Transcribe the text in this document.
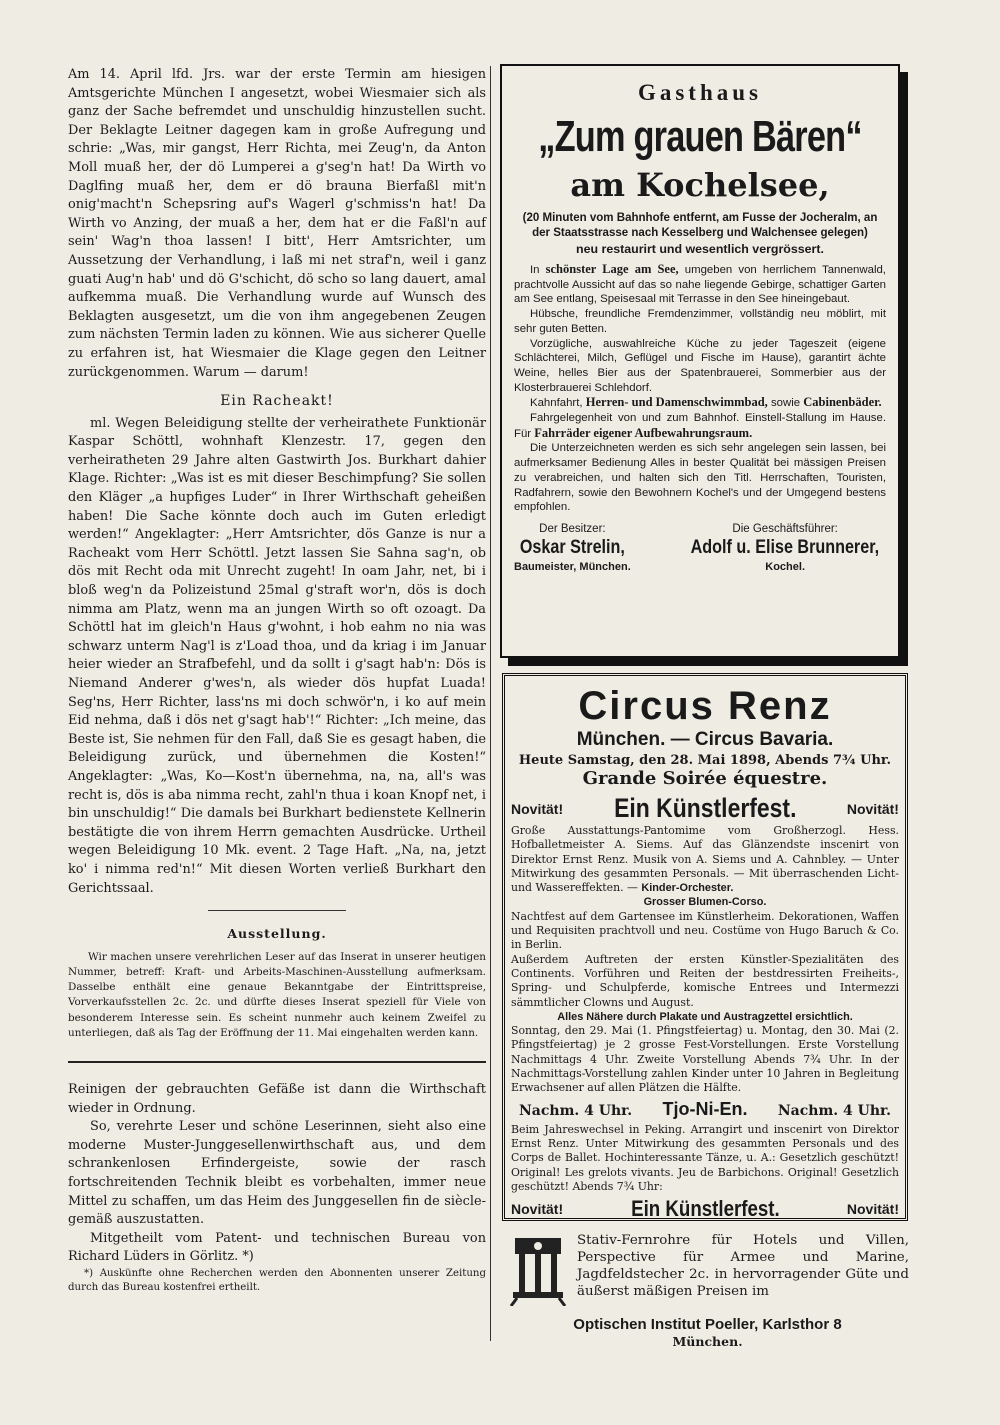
Am 14. April lfd. Jrs. war der erste Termin am hiesigen Amtsgerichte München I angesetzt, wobei Wiesmaier sich als ganz der Sache befremdet und unschuldig hinzustellen sucht. Der Beklagte Leitner dagegen kam in große Aufregung und schrie: „Was, mir gangst, Herr Richta, mei Zeug'n, da Anton Moll muaß her, der dö Lumperei a g'seg'n hat! Da Wirth vo Daglfing muaß her, dem er dö brauna Bierfaßl mit'n onig'macht'n Schepsring auf's Wagerl g'schmiss'n hat! Da Wirth vo Anzing, der muaß a her, dem hat er die Faßl'n auf sein' Wag'n thoa lassen! I bitt', Herr Amtsrichter, um Aussetzung der Verhandlung, i laß mi net straf'n, weil i ganz guati Aug'n hab' und dö G'schicht, dö scho so lang dauert, amal aufkemma muaß. Die Verhandlung wurde auf Wunsch des Beklagten ausgesetzt, um die von ihm angegebenen Zeugen zum nächsten Termin laden zu können. Wie aus sicherer Quelle zu erfahren ist, hat Wiesmaier die Klage gegen den Leitner zurückgenommen. Warum — darum!

Ein Racheakt!

ml. Wegen Beleidigung stellte der verheirathete Funktionär Kaspar Schöttl, wohnhaft Klenzestr. 17, gegen den verheiratheten 29 Jahre alten Gastwirth Jos. Burkhart dahier Klage. Richter: „Was ist es mit dieser Beschimpfung? Sie sollen den Kläger „a hupfiges Luder“ in Ihrer Wirthschaft geheißen haben! Die Sache könnte doch auch im Guten erledigt werden!“ Angeklagter: „Herr Amtsrichter, dös Ganze is nur a Racheakt vom Herr Schöttl. Jetzt lassen Sie Sahna sag'n, ob dös mit Recht oda mit Unrecht zugeht! In oam Jahr, net, bi i bloß weg'n da Polizeistund 25mal g'straft wor'n, dös is doch nimma am Platz, wenn ma an jungen Wirth so oft ozoagt. Da Schöttl hat im gleich'n Haus g'wohnt, i hob eahm no nia was schwarz unterm Nag'l is z'Load thoa, und da kriag i im Januar heier wieder an Strafbefehl, und da sollt i g'sagt hab'n: Dös is Niemand Anderer g'wes'n, als wieder dös hupfat Luada! Seg'ns, Herr Richter, lass'ns mi doch schwör'n, i ko auf mein Eid nehma, daß i dös net g'sagt hab'!“ Richter: „Ich meine, das Beste ist, Sie nehmen für den Fall, daß Sie es gesagt haben, die Beleidigung zurück, und übernehmen die Kosten!“ Angeklagter: „Was, Ko—Kost'n übernehma, na, na, all's was recht is, dös is aba nimma recht, zahl'n thua i koan Knopf net, i bin unschuldig!“ Die damals bei Burkhart bedienstete Kellnerin bestätigte die von ihrem Herrn gemachten Ausdrücke. Urtheil wegen Beleidigung 10 Mk. event. 2 Tage Haft. „Na, na, jetzt ko' i nimma red'n!“ Mit diesen Worten verließ Burkhart den Gerichtssaal.

Ausstellung.

Wir machen unsere verehrlichen Leser auf das Inserat in unserer heutigen Nummer, betreff: Kraft- und Arbeits-Maschinen-Ausstellung aufmerksam. Dasselbe enthält eine genaue Bekanntgabe der Eintrittspreise, Vorverkaufsstellen 2c. 2c. und dürfte dieses Inserat speziell für Viele von besonderem Interesse sein. Es scheint nunmehr auch keinem Zweifel zu unterliegen, daß als Tag der Eröffnung der 11. Mai eingehalten werden kann.

Reinigen der gebrauchten Gefäße ist dann die Wirthschaft wieder in Ordnung.

So, verehrte Leser und schöne Leserinnen, sieht also eine moderne Muster-Junggesellenwirthschaft aus, und dem schrankenlosen Erfindergeiste, sowie der rasch fortschreitenden Technik bleibt es vorbehalten, immer neue Mittel zu schaffen, um das Heim des Junggesellen fin de siècle-gemäß auszustatten.

Mitgetheilt vom Patent- und technischen Bureau von Richard Lüders in Görlitz. *)

*) Auskünfte ohne Recherchen werden den Abonnenten unserer Zeitung durch das Bureau kostenfrei ertheilt.

Gasthaus
„Zum grauen Bären“
am Kochelsee,
(20 Minuten vom Bahnhofe entfernt, am Fusse der Jocheralm, an der Staatsstrasse nach Kesselberg und Walchensee gelegen)
neu restaurirt und wesentlich vergrössert.

In schönster Lage am See, umgeben von herrlichem Tannenwald, prachtvolle Aussicht auf das so nahe liegende Gebirge, schattiger Garten am See entlang, Speisesaal mit Terrasse in den See hineingebaut.

Hübsche, freundliche Fremdenzimmer, vollständig neu möblirt, mit sehr guten Betten.

Vorzügliche, auswahlreiche Küche zu jeder Tageszeit (eigene Schlächterei, Milch, Geflügel und Fische im Hause), garantirt ächte Weine, helles Bier aus der Spatenbrauerei, Sommerbier aus der Klosterbrauerei Schlehdorf.

Kahnfahrt, Herren- und Damenschwimmbad, sowie Cabinenbäder.

Fahrgelegenheit von und zum Bahnhof. Einstell-Stallung im Hause. Für Fahrräder eigener Aufbewahrungsraum.

Die Unterzeichneten werden es sich sehr angelegen sein lassen, bei aufmerksamer Bedienung Alles in bester Qualität bei mässigen Preisen zu verabreichen, und halten sich den Titl. Herrschaften, Touristen, Radfahrern, sowie den Bewohnern Kochel's und der Umgegend bestens empfohlen.

Der Besitzer:
Oskar Strelin,
Baumeister, München.
Die Geschäftsführer:
Adolf u. Elise Brunnerer,
Kochel.
Circus Renz
München. — Circus Bavaria.
Heute Samstag, den 28. Mai 1898, Abends 7¾ Uhr.
Grande Soirée équestre.
Novität! Ein Künstlerfest.	Novität!

Große Ausstattungs-Pantomime vom Großherzogl. Hess. Hofballetmeister A. Siems. Auf das Glänzendste inscenirt von Direktor Ernst Renz. Musik von A. Siems und A. Cahnbley. — Unter Mitwirkung des gesammten Personals. — Mit überraschenden Licht- und Wassereffekten. — Kinder-Orchester.

Grosser Blumen-Corso.

Nachtfest auf dem Gartensee im Künstlerheim. Dekorationen, Waffen und Requisiten prachtvoll und neu. Costüme von Hugo Baruch & Co. in Berlin.

Außerdem Auftreten der ersten Künstler-Spezialitäten des Continents. Vorführen und Reiten der bestdressirten Freiheits-, Spring- und Schulpferde, komische Entrees und Intermezzi sämmtlicher Clowns und August.

Alles Nähere durch Plakate und Austragzettel ersichtlich.

Sonntag, den 29. Mai (1. Pfingstfeiertag) u. Montag, den 30. Mai (2. Pfingstfeiertag) je 2 grosse Fest-Vorstellungen. Erste Vorstellung Nachmittags 4 Uhr. Zweite Vorstellung Abends 7¾ Uhr. In der Nachmittags-Vorstellung zahlen Kinder unter 10 Jahren in Begleitung Erwachsener auf allen Plätzen die Hälfte.

Nachm. 4 Uhr. Tjo-Ni-En. Nachm. 4 Uhr.

Beim Jahreswechsel in Peking. Arrangirt und inscenirt von Direktor Ernst Renz. Unter Mitwirkung des gesammten Personals und des Corps de Ballet. Hochinteressante Tänze, u. A.: Gesetzlich geschützt! Original! Les grelots vivants. Jeu de Barbichons. Original! Gesetzlich geschützt! Abends 7¾ Uhr:

Novität!	Ein Künstlerfest.	Novität!
Stativ-Fernrohre für Hotels und Villen, Perspective für Armee und Marine, Jagdfeldstecher 2c. in hervorragender Güte und äußerst mäßigen Preisen im
Optischen Institut Poeller, Karlsthor 8
München.
